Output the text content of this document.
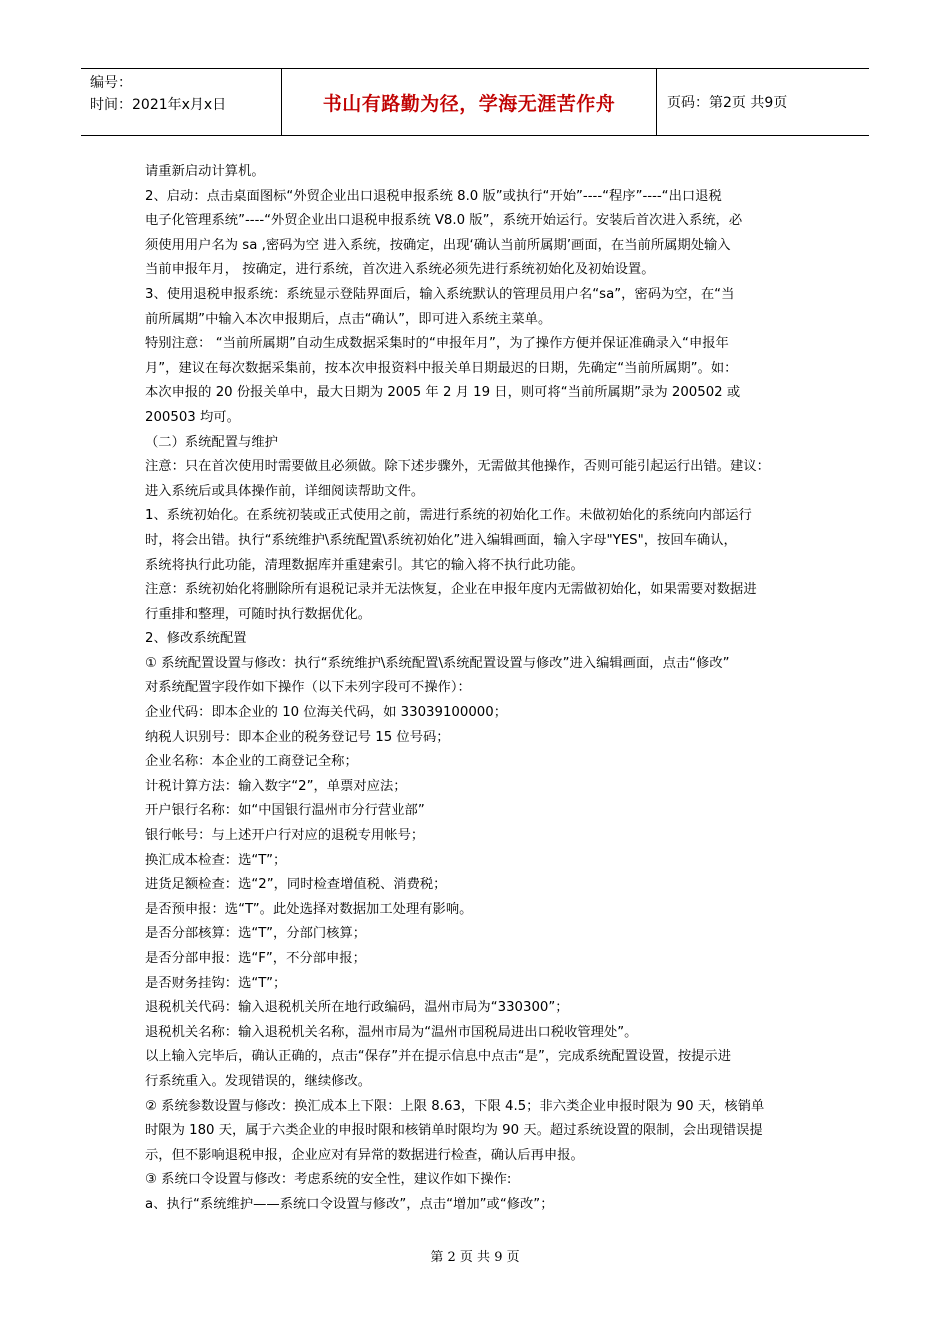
编号：
时间：2021年x月x日	书山有路勤为径，学海无涯苦作舟	页码：第2页 共9页

请重新启动计算机。

2、启动：点击桌面图标“外贸企业出口退税申报系统 8.0 版”或执行“开始”----“程序”----“出口退税

电子化管理系统”----“外贸企业出口退税申报系统 V8.0 版”，系统开始运行。安装后首次进入系统，必

须使用用户名为 sa ,密码为空 进入系统，按确定，出现‘确认当前所属期’画面，在当前所属期处输入

当前申报年月， 按确定，进行系统，首次进入系统必须先进行系统初始化及初始设置。

3、使用退税申报系统：系统显示登陆界面后，输入系统默认的管理员用户名“sa”，密码为空，在“当

前所属期”中输入本次申报期后，点击“确认”，即可进入系统主菜单。

特别注意： “当前所属期”自动生成数据采集时的“申报年月”，为了操作方便并保证准确录入“申报年

月”，建议在每次数据采集前，按本次申报资料中报关单日期最迟的日期，先确定“当前所属期”。如：

本次申报的 20 份报关单中，最大日期为 2005 年 2 月 19 日，则可将“当前所属期”录为 200502 或

200503 均可。

（二）系统配置与维护

注意：只在首次使用时需要做且必须做。除下述步骤外，无需做其他操作，否则可能引起运行出错。建议：

进入系统后或具体操作前，详细阅读帮助文件。

1、系统初始化。在系统初装或正式使用之前，需进行系统的初始化工作。未做初始化的系统向内部运行

时，将会出错。执行“系统维护\系统配置\系统初始化”进入编辑画面，输入字母"YES"，按回车确认，

系统将执行此功能，清理数据库并重建索引。其它的输入将不执行此功能。

注意：系统初始化将删除所有退税记录并无法恢复，企业在申报年度内无需做初始化，如果需要对数据进

行重排和整理，可随时执行数据优化。

2、修改系统配置

① 系统配置设置与修改：执行“系统维护\系统配置\系统配置设置与修改”进入编辑画面，点击“修改”

对系统配置字段作如下操作（以下未列字段可不操作）：

企业代码：即本企业的 10 位海关代码，如 33039100000；

纳税人识别号：即本企业的税务登记号 15 位号码；

企业名称：本企业的工商登记全称；

计税计算方法：输入数字“2”，单票对应法；

开户银行名称：如“中国银行温州市分行营业部”

银行帐号：与上述开户行对应的退税专用帐号；

换汇成本检查：选“T”；

进货足额检查：选“2”，同时检查增值税、消费税；

是否预申报：选“T”。此处选择对数据加工处理有影响。

是否分部核算：选“T”，分部门核算；

是否分部申报：选“F”，不分部申报；

是否财务挂钩：选“T”；

退税机关代码：输入退税机关所在地行政编码，温州市局为“330300”；

退税机关名称：输入退税机关名称，温州市局为“温州市国税局进出口税收管理处”。

以上输入完毕后，确认正确的，点击“保存”并在提示信息中点击“是”，完成系统配置设置，按提示进

行系统重入。发现错误的，继续修改。

② 系统参数设置与修改：换汇成本上下限：上限 8.63，下限 4.5；非六类企业申报时限为 90 天，核销单

时限为 180 天，属于六类企业的申报时限和核销单时限均为 90 天。超过系统设置的限制，会出现错误提

示，但不影响退税申报，企业应对有异常的数据进行检查，确认后再申报。

③ 系统口令设置与修改：考虑系统的安全性，建议作如下操作:

a、执行“系统维护——系统口令设置与修改”，点击“增加”或“修改”；

第 2 页 共 9 页
